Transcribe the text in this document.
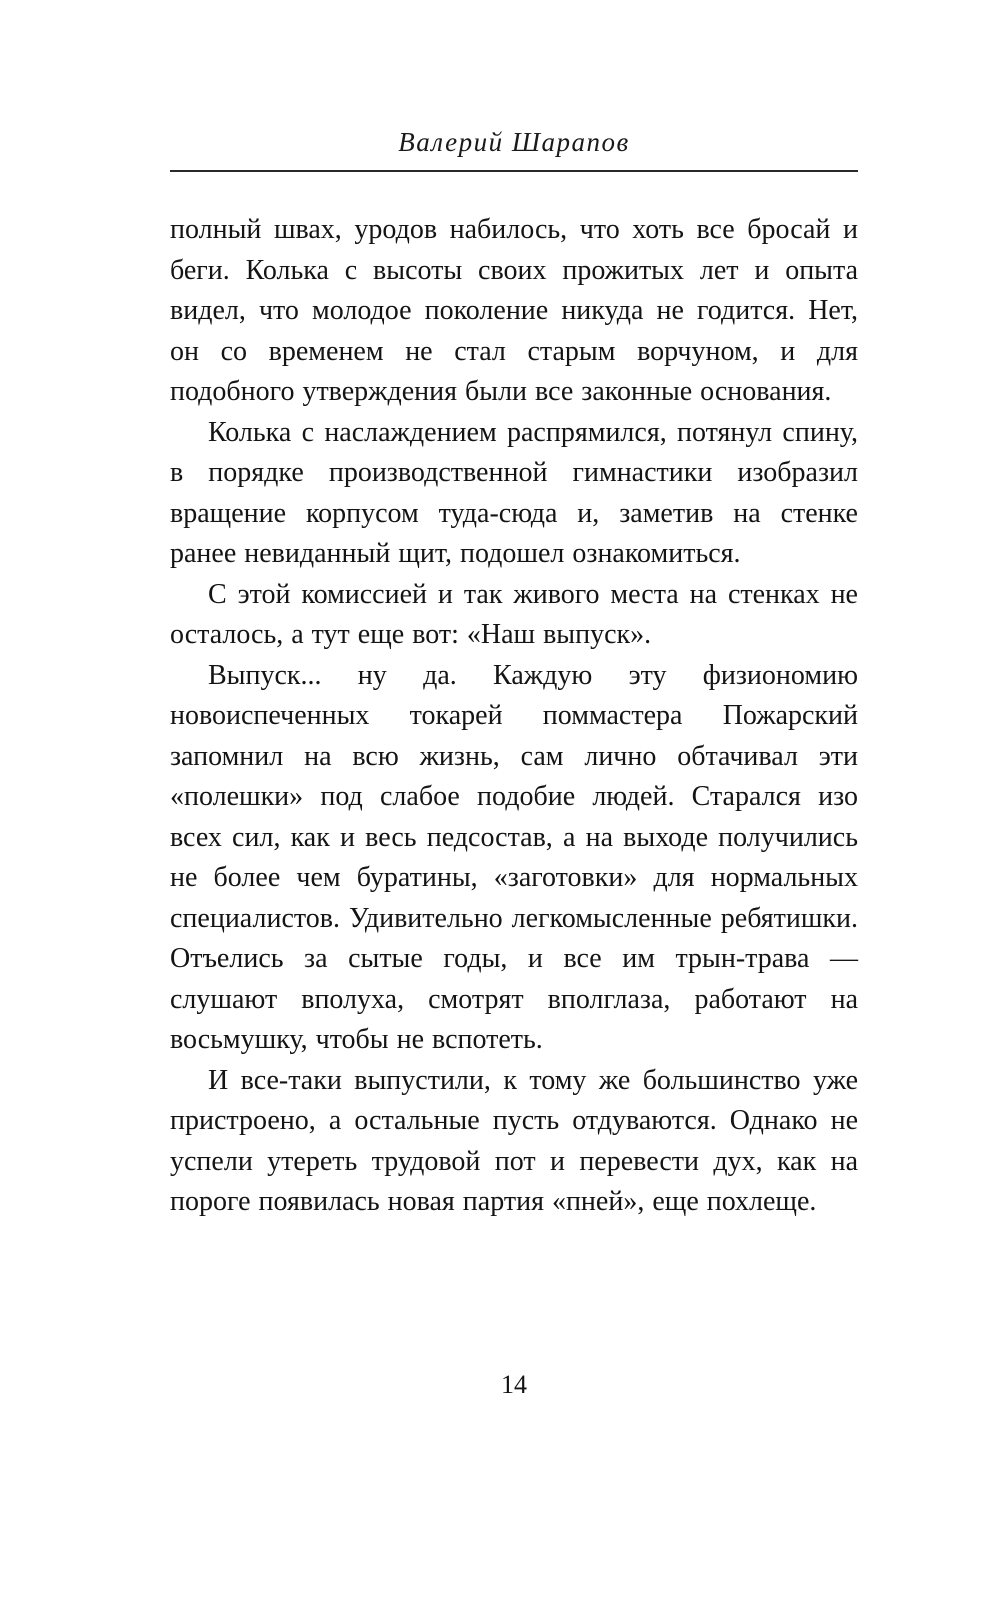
Валерий Шарапов

полный швах, уродов набилось, что хоть все бросай и беги. Колька с высоты своих прожитых лет и опыта видел, что молодое поколение никуда не годится. Нет, он со временем не стал старым ворчуном, и для подобного утверждения были все законные основания.

Колька с наслаждением распрямился, потянул спину, в порядке производственной гимнастики изобразил вращение корпусом туда-сюда и, заметив на стенке ранее невиданный щит, подошел ознакомиться.

С этой комиссией и так живого места на стенках не осталось, а тут еще вот: «Наш выпуск».

Выпуск... ну да. Каждую эту физиономию новоиспеченных токарей поммастера Пожарский запомнил на всю жизнь, сам лично обтачивал эти «полешки» под слабое подобие людей. Старался изо всех сил, как и весь педсостав, а на выходе получились не более чем буратины, «заготовки» для нормальных специалистов. Удивительно легкомысленные ребятишки. Отъелись за сытые годы, и все им трын-трава — слушают вполуха, смотрят вполглаза, работают на восьмушку, чтобы не вспотеть.

И все-таки выпустили, к тому же большинство уже пристроено, а остальные пусть отдуваются. Однако не успели утереть трудовой пот и перевести дух, как на пороге появилась новая партия «пней», еще похлеще.

14
